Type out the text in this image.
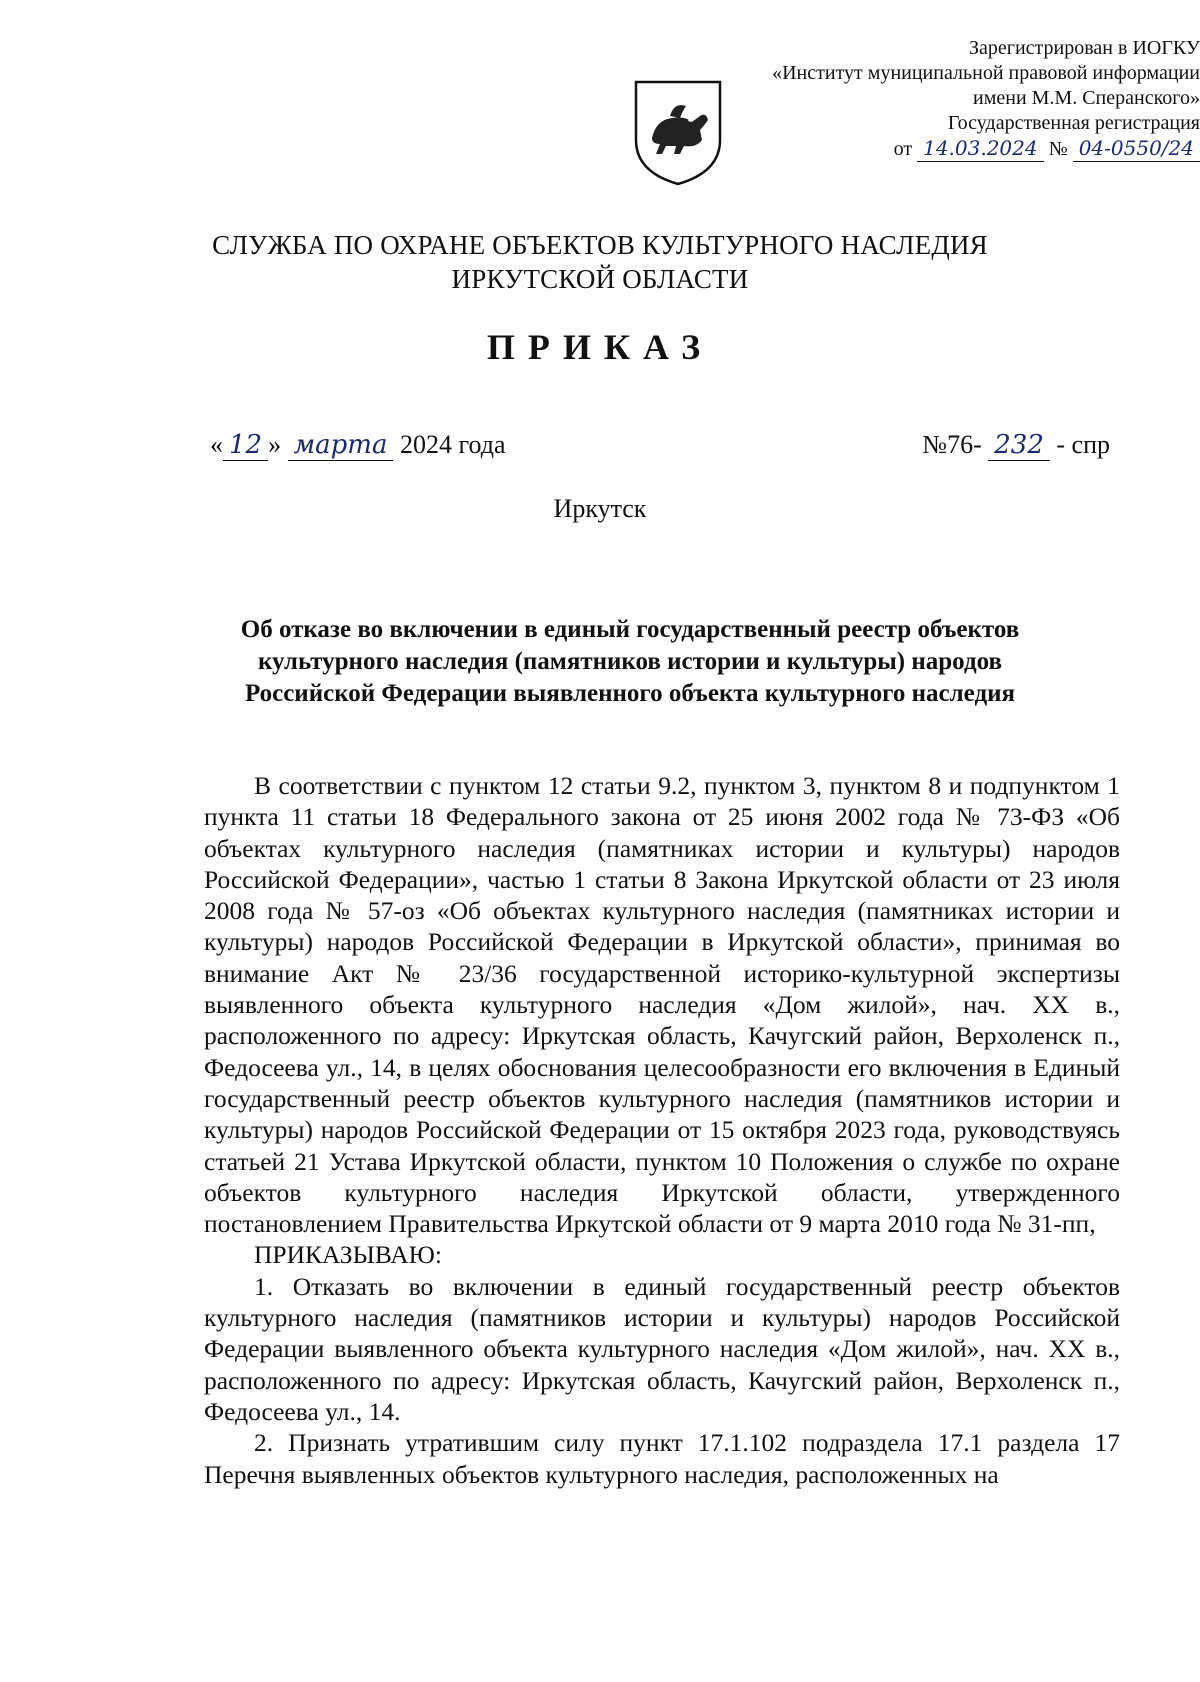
Зарегистрирован в ИОГКУ
«Институт муниципальной правовой информации
имени М.М. Сперанского»
Государственная регистрация
от 14.03.2024 № 04-0550/24
СЛУЖБА ПО ОХРАНЕ ОБЪЕКТОВ КУЛЬТУРНОГО НАСЛЕДИЯ
ИРКУТСКОЙ ОБЛАСТИ
ПРИКАЗ
« 12 » марта 2024 года	№76- 232 - спр
Иркутск
Об отказе во включении в единый государственный реестр объектов
культурного наследия (памятников истории и культуры) народов
Российской Федерации выявленного объекта культурного наследия

В соответствии с пунктом 12 статьи 9.2, пунктом 3, пунктом 8 и подпунктом 1 пункта 11 статьи 18 Федерального закона от 25 июня 2002 года № 73-ФЗ «Об объектах культурного наследия (памятниках истории и культуры) народов Российской Федерации», частью 1 статьи 8 Закона Иркутской области от 23 июля 2008 года № 57-оз «Об объектах культурного наследия (памятниках истории и культуры) народов Российской Федерации в Иркутской области», принимая во внимание Акт № 23/36 государственной историко-культурной экспертизы выявленного объекта культурного наследия «Дом жилой», нач. XX в., расположенного по адресу: Иркутская область, Качугский район, Верхоленск п., Федосеева ул., 14, в целях обоснования целесообразности его включения в Единый государственный реестр объектов культурного наследия (памятников истории и культуры) народов Российской Федерации от 15 октября 2023 года, руководствуясь статьей 21 Устава Иркутской области, пунктом 10 Положения о службе по охране объектов культурного наследия Иркутской области, утвержденного постановлением Правительства Иркутской области от 9 марта 2010 года № 31-пп,

ПРИКАЗЫВАЮ:

1. Отказать во включении в единый государственный реестр объектов культурного наследия (памятников истории и культуры) народов Российской Федерации выявленного объекта культурного наследия «Дом жилой», нач. XX в., расположенного по адресу: Иркутская область, Качугский район, Верхоленск п., Федосеева ул., 14.

2. Признать утратившим силу пункт 17.1.102 подраздела 17.1 раздела 17 Перечня выявленных объектов культурного наследия, расположенных на
